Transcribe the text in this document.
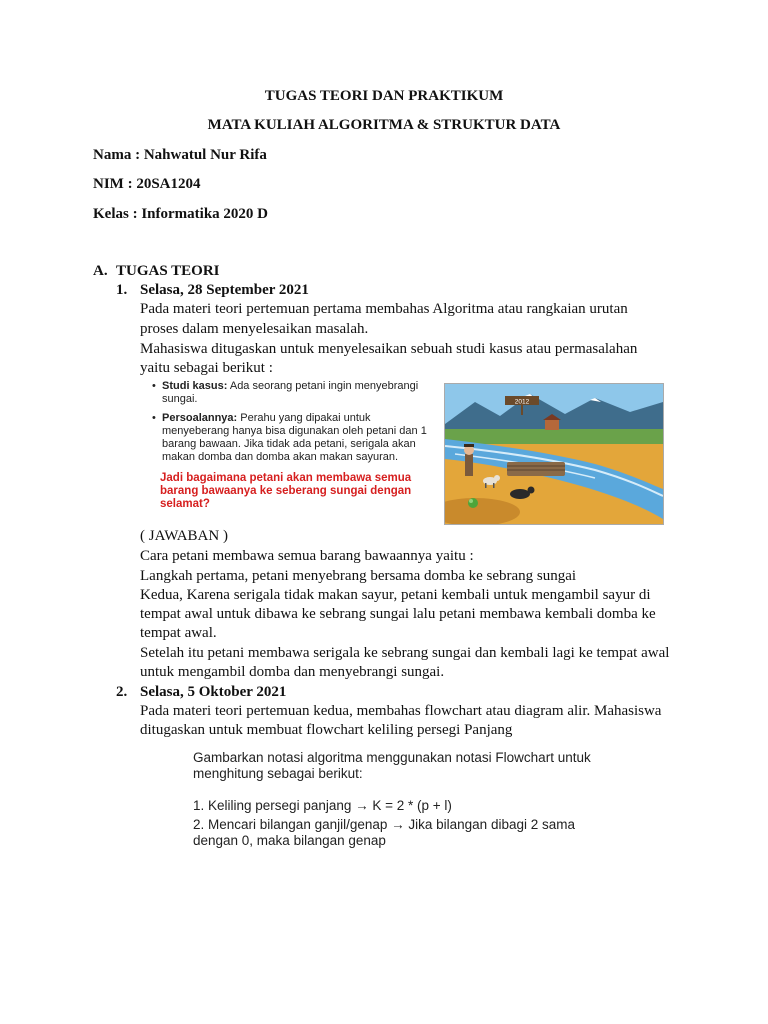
TUGAS TEORI DAN PRAKTIKUM
MATA KULIAH ALGORITMA & STRUKTUR DATA
Nama : Nahwatul Nur Rifa
NIM : 20SA1204
Kelas : Informatika 2020 D
A. TUGAS TEORI
1. Selasa, 28 September 2021
Pada materi teori pertemuan pertama membahas Algoritma atau rangkaian urutan
proses dalam menyelesaikan masalah.
Mahasiswa ditugaskan untuk menyelesaikan sebuah studi kasus atau permasalahan
yaitu sebagai berikut :
• Studi kasus: Ada seorang petani ingin menyebrangi sungai.
• Persoalannya: Perahu yang dipakai untuk menyeberang hanya bisa digunakan oleh petani dan 1 barang bawaan. Jika tidak ada petani, serigala akan makan domba dan domba akan makan sayuran.
Jadi bagaimana petani akan membawa semua barang bawaanya ke seberang sungai dengan selamat?
2012
( JAWABAN )
Cara petani membawa semua barang bawaannya yaitu :
Langkah pertama, petani menyebrang bersama domba ke sebrang sungai
Kedua, Karena serigala tidak makan sayur, petani kembali untuk mengambil sayur di
tempat awal untuk dibawa ke sebrang sungai lalu petani membawa kembali domba ke
tempat awal.
Setelah itu petani membawa serigala ke sebrang sungai dan kembali lagi ke tempat awal
untuk mengambil domba dan menyebrangi sungai.
2. Selasa, 5 Oktober 2021
Pada materi teori pertemuan kedua, membahas flowchart atau diagram alir. Mahasiswa
ditugaskan untuk membuat flowchart keliling persegi Panjang

Gambarkan notasi algoritma menggunakan notasi Flowchart untuk

menghitung sebagai berikut:

1. Keliling persegi panjang → K = 2 * (p + l)

2. Mencari bilangan ganjil/genap → Jika bilangan dibagi 2 sama

dengan 0, maka bilangan genap
